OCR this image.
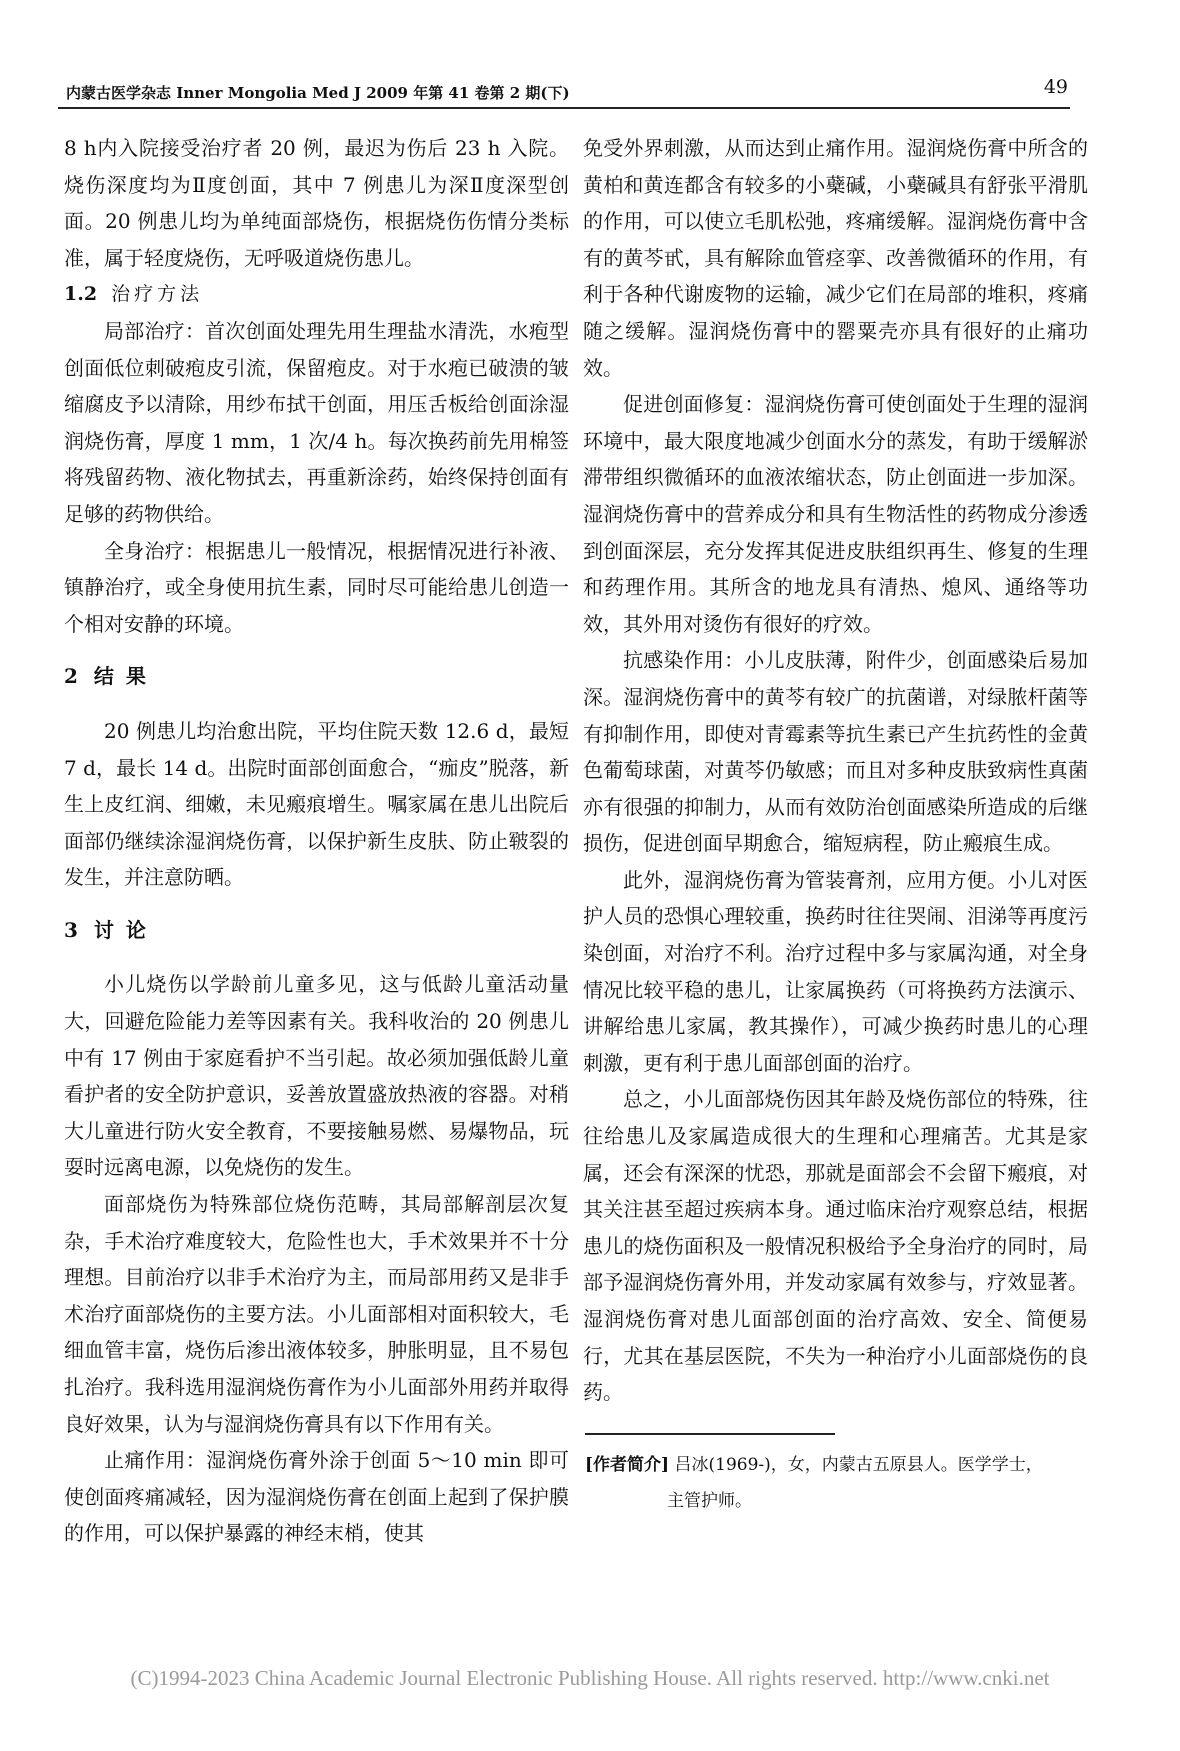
内蒙古医学杂志 Inner Mongolia Med J 2009 年第 41 卷第 2 期(下)	49

8 h内入院接受治疗者 20 例，最迟为伤后 23 h 入院。烧伤深度均为Ⅱ度创面，其中 7 例患儿为深Ⅱ度深型创面。20 例患儿均为单纯面部烧伤，根据烧伤伤情分类标准，属于轻度烧伤，无呼吸道烧伤患儿。

1.2 治疗方法

局部治疗：首次创面处理先用生理盐水清洗，水疱型创面低位刺破疱皮引流，保留疱皮。对于水疱已破溃的皱缩腐皮予以清除，用纱布拭干创面，用压舌板给创面涂湿润烧伤膏，厚度 1 mm，1 次/4 h。每次换药前先用棉签将残留药物、液化物拭去，再重新涂药，始终保持创面有足够的药物供给。

全身治疗：根据患儿一般情况，根据情况进行补液、镇静治疗，或全身使用抗生素，同时尽可能给患儿创造一个相对安静的环境。

2 结果

20 例患儿均治愈出院，平均住院天数 12.6 d，最短 7 d，最长 14 d。出院时面部创面愈合，“痂皮”脱落，新生上皮红润、细嫩，未见瘢痕增生。嘱家属在患儿出院后面部仍继续涂湿润烧伤膏，以保护新生皮肤、防止皲裂的发生，并注意防晒。

3 讨论

小儿烧伤以学龄前儿童多见，这与低龄儿童活动量大，回避危险能力差等因素有关。我科收治的 20 例患儿中有 17 例由于家庭看护不当引起。故必须加强低龄儿童看护者的安全防护意识，妥善放置盛放热液的容器。对稍大儿童进行防火安全教育，不要接触易燃、易爆物品，玩耍时远离电源，以免烧伤的发生。

面部烧伤为特殊部位烧伤范畴，其局部解剖层次复杂，手术治疗难度较大，危险性也大，手术效果并不十分理想。目前治疗以非手术治疗为主，而局部用药又是非手术治疗面部烧伤的主要方法。小儿面部相对面积较大，毛细血管丰富，烧伤后渗出液体较多，肿胀明显，且不易包扎治疗。我科选用湿润烧伤膏作为小儿面部外用药并取得良好效果，认为与湿润烧伤膏具有以下作用有关。

止痛作用：湿润烧伤膏外涂于创面 5～10 min 即可使创面疼痛减轻，因为湿润烧伤膏在创面上起到了保护膜的作用，可以保护暴露的神经末梢，使其

免受外界刺激，从而达到止痛作用。湿润烧伤膏中所含的黄柏和黄连都含有较多的小蘗碱，小蘗碱具有舒张平滑肌的作用，可以使立毛肌松弛，疼痛缓解。湿润烧伤膏中含有的黄芩甙，具有解除血管痉挛、改善微循环的作用，有利于各种代谢废物的运输，减少它们在局部的堆积，疼痛随之缓解。湿润烧伤膏中的罂粟壳亦具有很好的止痛功效。

促进创面修复：湿润烧伤膏可使创面处于生理的湿润环境中，最大限度地减少创面水分的蒸发，有助于缓解淤滞带组织微循环的血液浓缩状态，防止创面进一步加深。湿润烧伤膏中的营养成分和具有生物活性的药物成分渗透到创面深层，充分发挥其促进皮肤组织再生、修复的生理和药理作用。其所含的地龙具有清热、熄风、通络等功效，其外用对烫伤有很好的疗效。

抗感染作用：小儿皮肤薄，附件少，创面感染后易加深。湿润烧伤膏中的黄芩有较广的抗菌谱，对绿脓杆菌等有抑制作用，即使对青霉素等抗生素已产生抗药性的金黄色葡萄球菌，对黄芩仍敏感；而且对多种皮肤致病性真菌亦有很强的抑制力，从而有效防治创面感染所造成的后继损伤，促进创面早期愈合，缩短病程，防止瘢痕生成。

此外，湿润烧伤膏为管装膏剂，应用方便。小儿对医护人员的恐惧心理较重，换药时往往哭闹、泪涕等再度污染创面，对治疗不利。治疗过程中多与家属沟通，对全身情况比较平稳的患儿，让家属换药（可将换药方法演示、讲解给患儿家属，教其操作），可减少换药时患儿的心理刺激，更有利于患儿面部创面的治疗。

总之，小儿面部烧伤因其年龄及烧伤部位的特殊，往往给患儿及家属造成很大的生理和心理痛苦。尤其是家属，还会有深深的忧恐，那就是面部会不会留下瘢痕，对其关注甚至超过疾病本身。通过临床治疗观察总结，根据患儿的烧伤面积及一般情况积极给予全身治疗的同时，局部予湿润烧伤膏外用，并发动家属有效参与，疗效显著。湿润烧伤膏对患儿面部创面的治疗高效、安全、简便易行，尤其在基层医院，不失为一种治疗小儿面部烧伤的良药。

[作者简介] 吕冰(1969-)，女，内蒙古五原县人。医学学士，
主管护师。
(C)1994-2023 China Academic Journal Electronic Publishing House. All rights reserved. http://www.cnki.net
